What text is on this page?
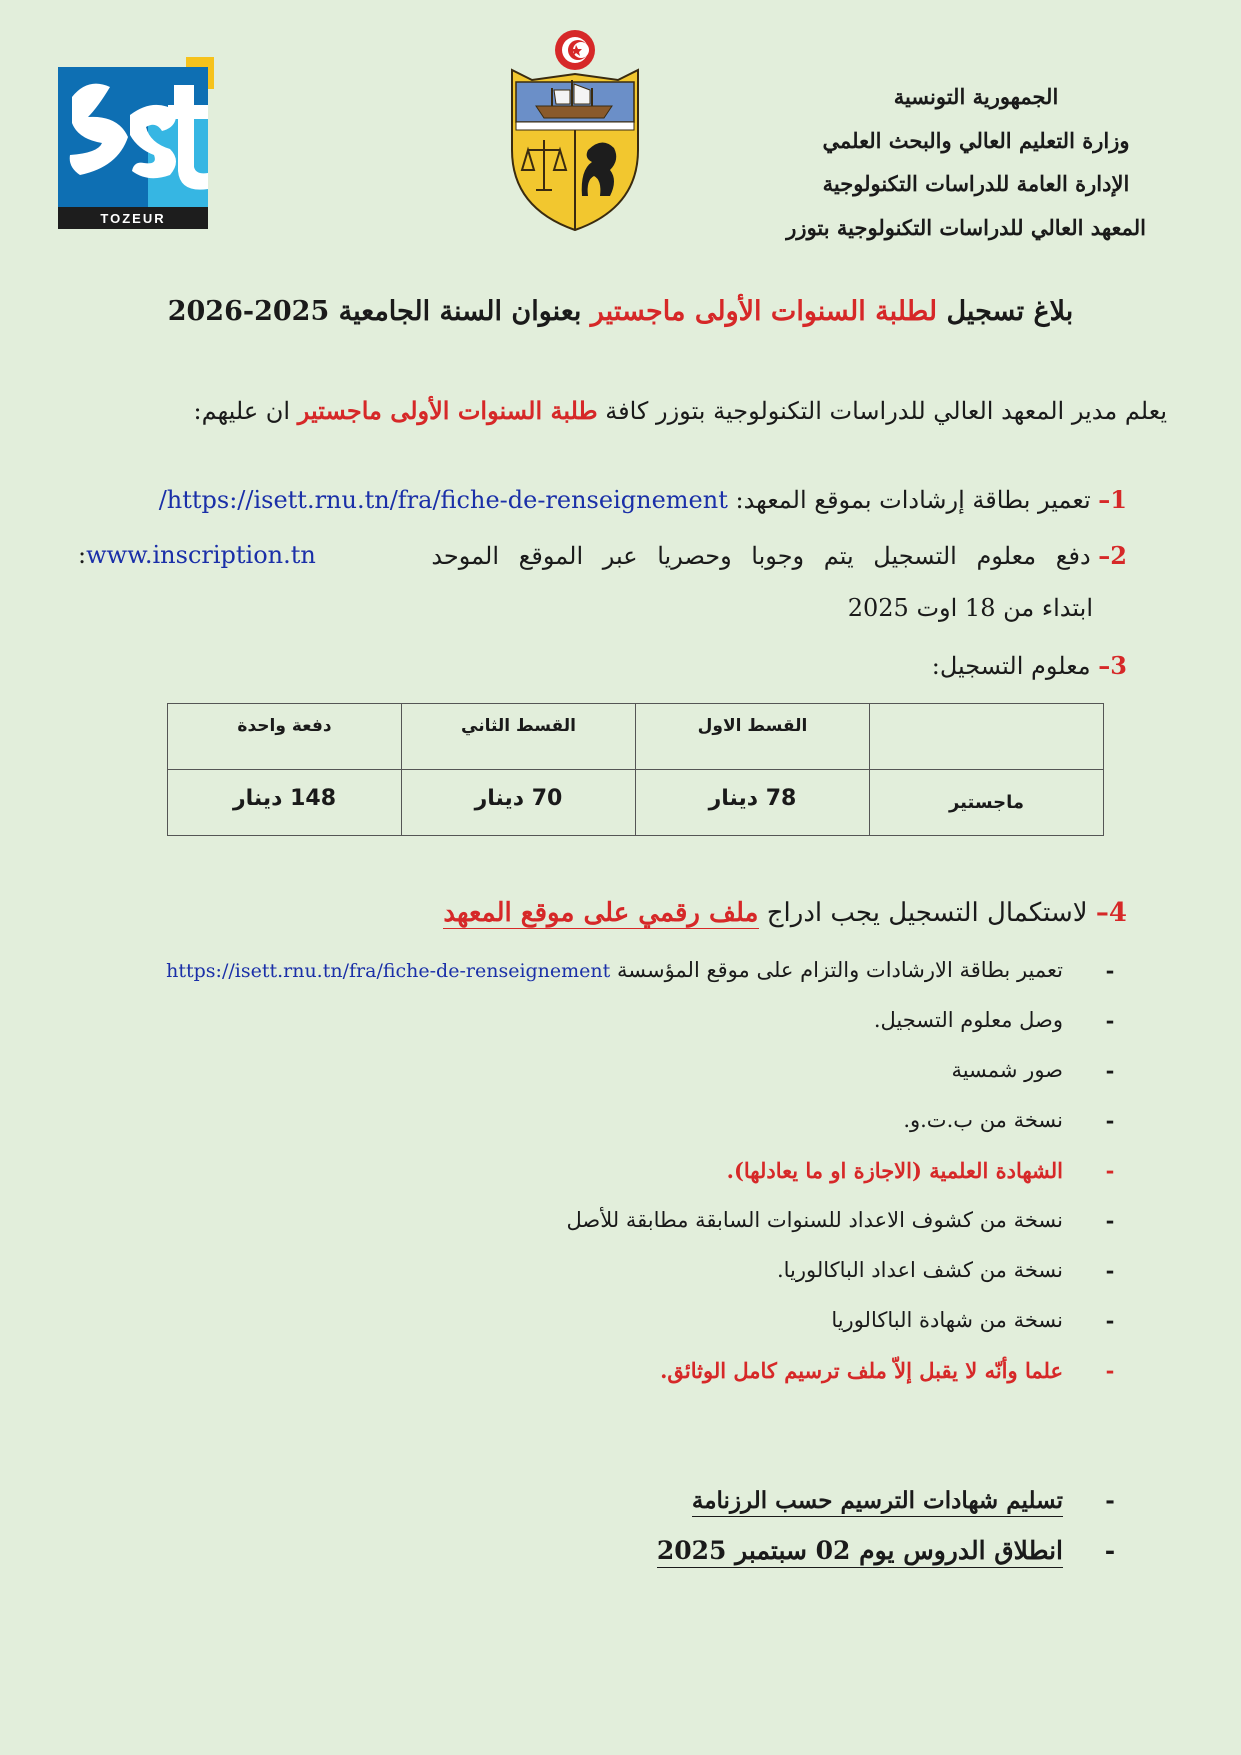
TOZEUR
الجمهورية التونسية
وزارة التعليم العالي والبحث العلمي
الإدارة العامة للدراسات التكنولوجية
المعهد العالي للدراسات التكنولوجية بتوزر
بلاغ تسجيل لطلبة السنوات الأولى ماجستير بعنوان السنة الجامعية 2025-2026
يعلم مدير المعهد العالي للدراسات التكنولوجية بتوزر كافة طلبة السنوات الأولى ماجستير ان عليهم:
1– تعمير بطاقة إرشادات بموقع المعهد: https://isett.rnu.tn/fra/fiche-de-renseignement/
2– دفع معلوم التسجيل يتم وجوبا وحصريا عبر الموقع الموحد
www.inscription.tn:
ابتداء من 18 اوت 2025
3– معلوم التسجيل:
	القسط الاول	القسط الثاني	دفعة واحدة
ماجستير	78 دينار	70 دينار	148 دينار
4– لاستكمال التسجيل يجب ادراج ملف رقمي على موقع المعهد
-
تعمير بطاقة الارشادات والتزام على موقع المؤسسة https://isett.rnu.tn/fra/fiche-de-renseignement
-
وصل معلوم التسجيل.
-
صور شمسية
-
نسخة من ب.ت.و.
-
الشهادة العلمية (الاجازة او ما يعادلها).
-
نسخة من كشوف الاعداد للسنوات السابقة مطابقة للأصل
-
نسخة من كشف اعداد الباكالوريا.
-
نسخة من شهادة الباكالوريا
-
علما وأنّه لا يقبل إلاّ ملف ترسيم كامل الوثائق.
-
تسليم شهادات الترسيم حسب الرزنامة
-
انطلاق الدروس يوم 02 سبتمبر 2025
